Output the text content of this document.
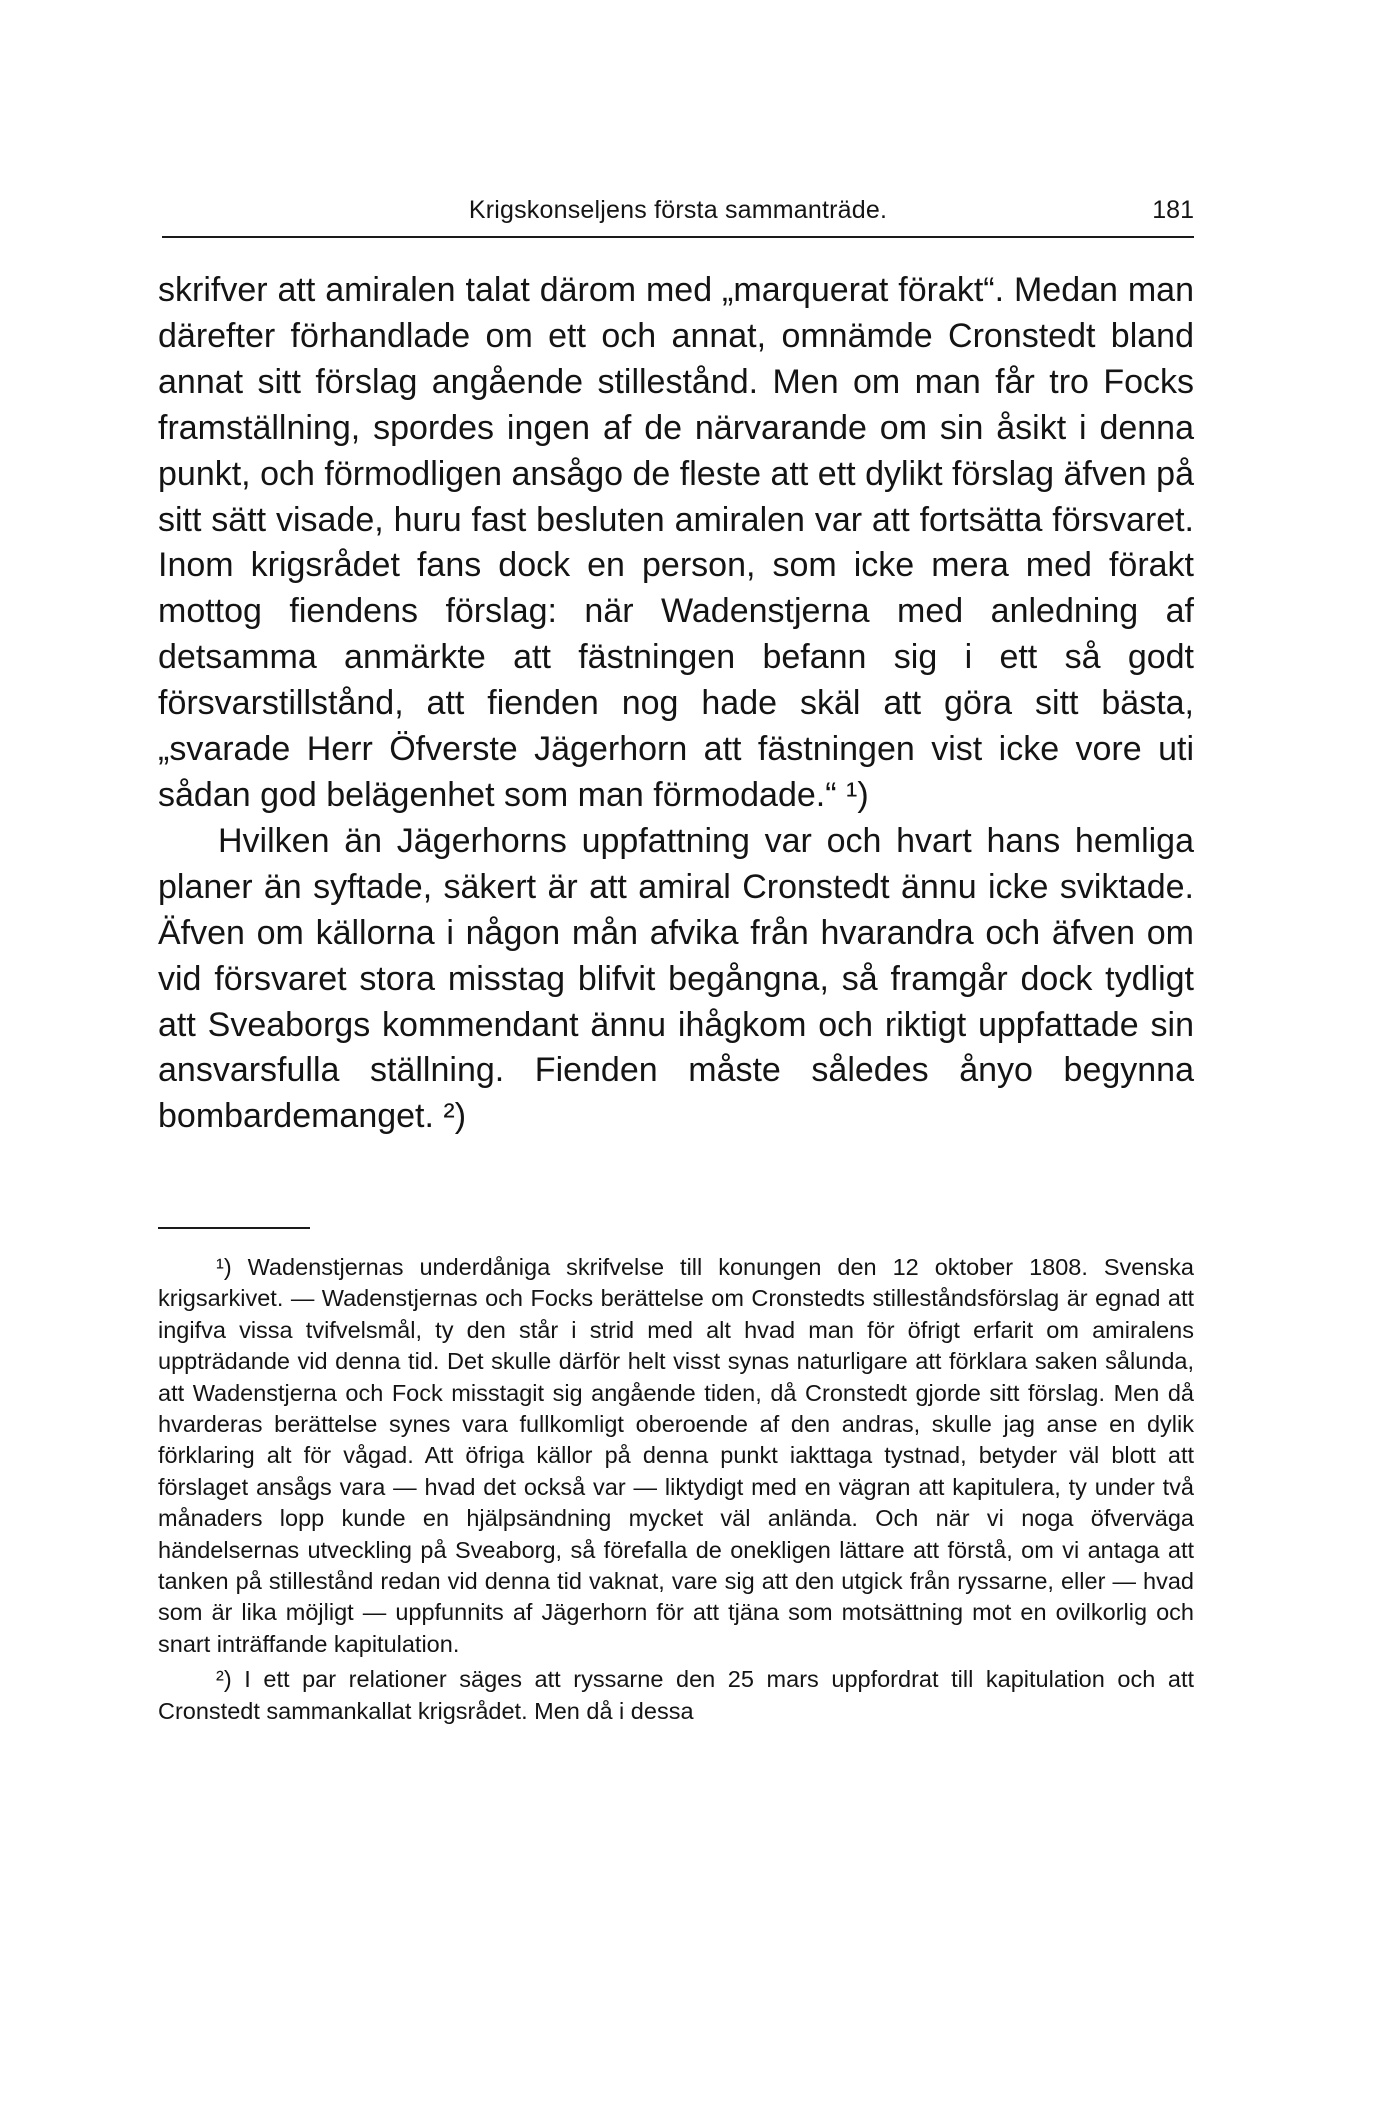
Krigskonseljens första sammanträde.	181

skrifver att amiralen talat därom med „marquerat förakt“. Medan man därefter förhandlade om ett och annat, omnämde Cronstedt bland annat sitt förslag angående stillestånd. Men om man får tro Focks framställning, spordes ingen af de närvarande om sin åsikt i denna punkt, och förmodligen ansågo de fleste att ett dylikt förslag äfven på sitt sätt visade, huru fast besluten amiralen var att fortsätta försvaret. Inom krigsrådet fans dock en person, som icke mera med förakt mottog fiendens förslag: när Wadenstjerna med anledning af detsamma anmärkte att fästningen befann sig i ett så godt försvarstillstånd, att fienden nog hade skäl att göra sitt bästa, „svarade Herr Öfverste Jägerhorn att fästningen vist icke vore uti sådan god belägenhet som man förmodade.“ ¹)

Hvilken än Jägerhorns uppfattning var och hvart hans hemliga planer än syftade, säkert är att amiral Cronstedt ännu icke sviktade. Äfven om källorna i någon mån afvika från hvarandra och äfven om vid försvaret stora misstag blifvit begångna, så framgår dock tydligt att Sveaborgs kommendant ännu ihågkom och riktigt uppfattade sin ansvarsfulla ställning. Fienden måste således ånyo begynna bombardemanget. ²)

¹) Wadenstjernas underdåniga skrifvelse till konungen den 12 oktober 1808. Svenska krigsarkivet. — Wadenstjernas och Focks berättelse om Cronstedts stilleståndsförslag är egnad att ingifva vissa tvifvelsmål, ty den står i strid med alt hvad man för öfrigt erfarit om amiralens uppträdande vid denna tid. Det skulle därför helt visst synas naturligare att förklara saken sålunda, att Wadenstjerna och Fock misstagit sig angående tiden, då Cronstedt gjorde sitt förslag. Men då hvarderas berättelse synes vara fullkomligt oberoende af den andras, skulle jag anse en dylik förklaring alt för vågad. Att öfriga källor på denna punkt iakttaga tystnad, betyder väl blott att förslaget ansågs vara — hvad det också var — liktydigt med en vägran att kapitulera, ty under två månaders lopp kunde en hjälpsändning mycket väl anlända. Och när vi noga öfverväga händelsernas utveckling på Sveaborg, så förefalla de onekligen lättare att förstå, om vi antaga att tanken på stillestånd redan vid denna tid vaknat, vare sig att den utgick från ryssarne, eller — hvad som är lika möjligt — uppfunnits af Jägerhorn för att tjäna som motsättning mot en ovilkorlig och snart inträffande kapitulation.

²) I ett par relationer säges att ryssarne den 25 mars uppfordrat till kapitulation och att Cronstedt sammankallat krigsrådet. Men då i dessa
